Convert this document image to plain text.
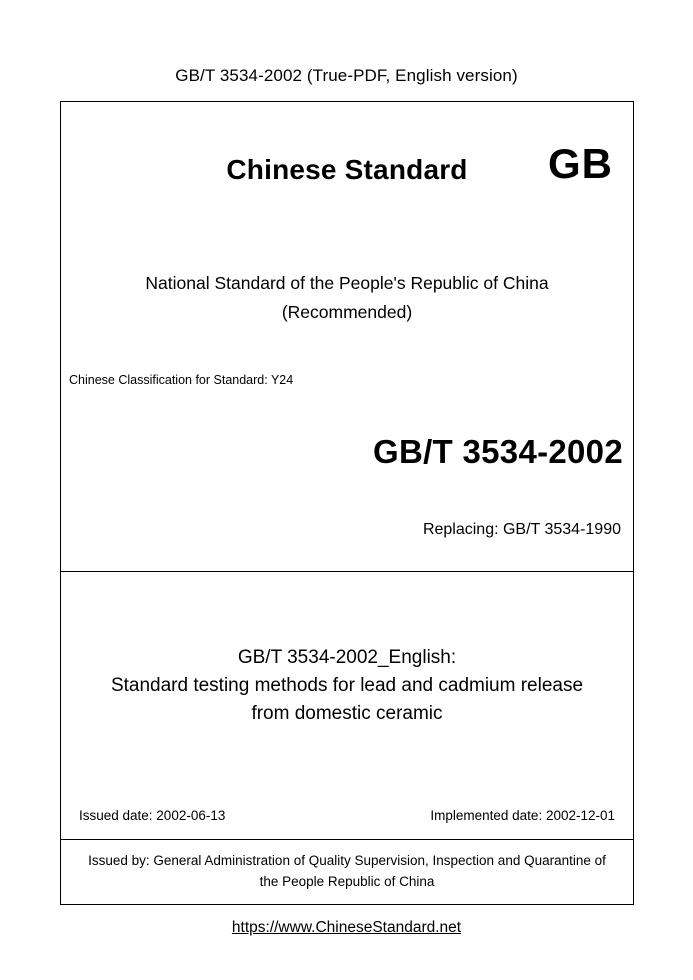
GB/T 3534-2002 (True-PDF, English version)
Chinese Standard	GB
National Standard of the People's Republic of China
(Recommended)
Chinese Classification for Standard: Y24
GB/T 3534-2002
Replacing: GB/T 3534-1990
GB/T 3534-2002_English:
Standard testing methods for lead and cadmium release
from domestic ceramic
Issued date: 2002-06-13	Implemented date: 2002-12-01
Issued by: General Administration of Quality Supervision, Inspection and Quarantine of
the People Republic of China
https://www.ChineseStandard.net
